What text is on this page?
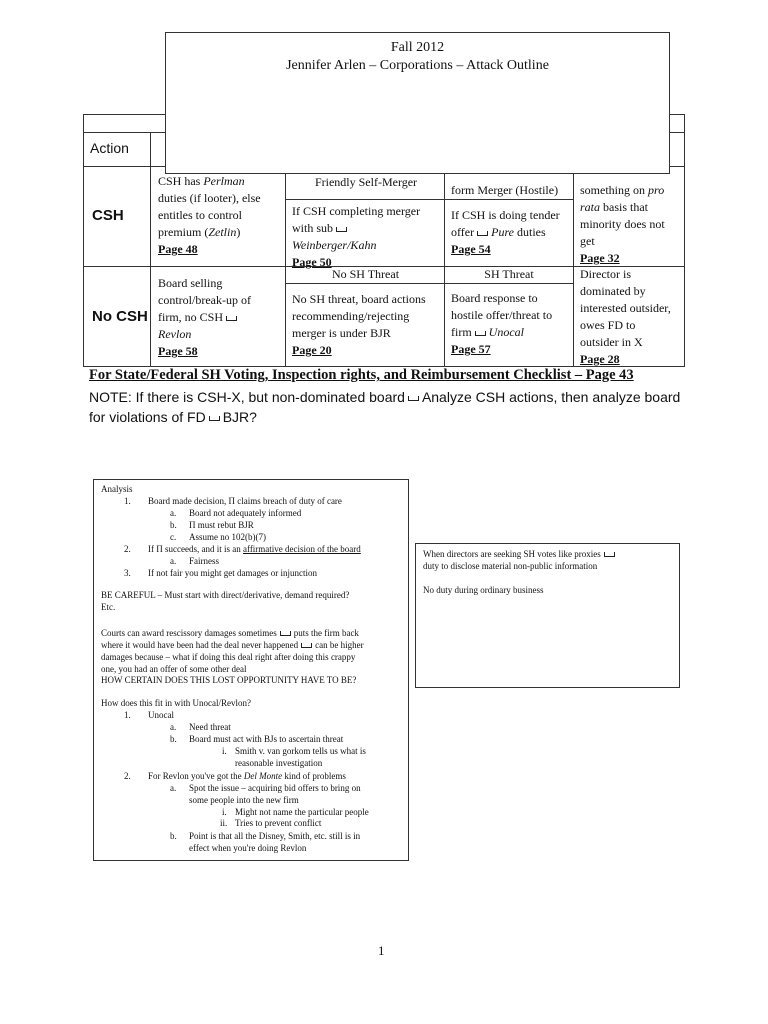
Action
CSH
CSH has Perlman
duties (if looter), else
entitles to control
premium (Zetlin)
Page 48
Friendly Self-Merger
If CSH completing merger
with sub
Weinberger/Kahn
Page 50
form Merger (Hostile)
If CSH is doing tender
offer Pure duties
Page 54
something on pro
rata basis that
minority does not
get
Page 32
No CSH
Board selling
control/break-up of
firm, no CSH
Revlon
Page 58
No SH Threat
No SH threat, board actions
recommending/rejecting
merger is under BJR
Page 20
SH Threat
Board response to
hostile offer/threat to
firm Unocal
Page 57
Director is
dominated by
interested outsider,
owes FD to
outsider in X
Page 28
Fall 2012
Jennifer Arlen – Corporations – Attack Outline
For State/Federal SH Voting, Inspection rights, and Reimbursement Checklist – Page 43
NOTE: If there is CSH-X, but non-dominated board Analyze CSH actions, then analyze board
for violations of FD BJR?
Analysis
1. Board made decision, Π claims breach of duty of care
a. Board not adequately informed
b. Π must rebut BJR
c. Assume no 102(b)(7)
2. If Π succeeds, and it is an affirmative decision of the board
a. Fairness
3. If not fair you might get damages or injunction
BE CAREFUL – Must start with direct/derivative, demand required?
Etc.
Courts can award rescissory damages sometimes puts the firm back
where it would have been had the deal never happened can be higher
damages because – what if doing this deal right after doing this crappy
one, you had an offer of some other deal
HOW CERTAIN DOES THIS LOST OPPORTUNITY HAVE TO BE?
How does this fit in with Unocal/Revlon?
1. Unocal
a. Need threat
b. Board must act with BJs to ascertain threat
i. Smith v. van gorkom tells us what is
reasonable investigation
2. For Revlon you've got the Del Monte kind of problems
a. Spot the issue – acquiring bid offers to bring on
some people into the new firm
i. Might not name the particular people
ii. Tries to prevent conflict
b. Point is that all the Disney, Smith, etc. still is in
effect when you're doing Revlon
When directors are seeking SH votes like proxies
duty to disclose material non-public information
No duty during ordinary business
1
